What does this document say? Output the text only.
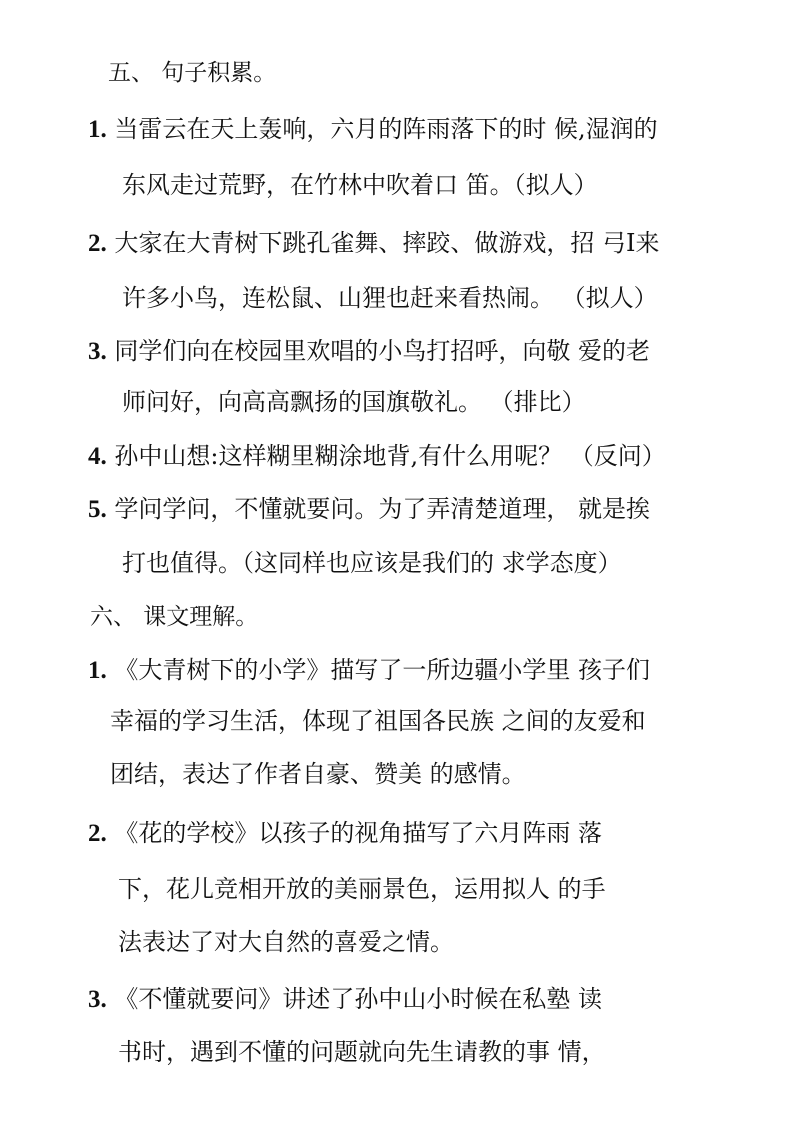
五、 句子积累。
1. 当雷云在天上轰响，六月的阵雨落下的时 候,湿润的
东风走过荒野，在竹林中吹着口 笛。（拟人）
2. 大家在大青树下跳孔雀舞、摔跤、做游戏，招 弓I来
许多小鸟，连松鼠、山狸也赶来看热闹。 （拟人）
3. 同学们向在校园里欢唱的小鸟打招呼，向敬 爱的老
师问好，向高高飘扬的国旗敬礼。 （排比）
4. 孙中山想:这样糊里糊涂地背,有什么用呢？ （反问）
5. 学问学问，不懂就要问。为了弄清楚道理， 就是挨
打也值得。（这同样也应该是我们的 求学态度）
六、 课文理解。
1. 《大青树下的小学》描写了一所边疆小学里 孩子们
幸福的学习生活，体现了祖国各民族 之间的友爱和
团结，表达了作者自豪、赞美 的感情。
2. 《花的学校》以孩子的视角描写了六月阵雨 落
下，花儿竞相开放的美丽景色，运用拟人 的手
法表达了对大自然的喜爱之情。
3. 《不懂就要问》讲述了孙中山小时候在私塾 读
书时，遇到不懂的问题就向先生请教的事 情，
